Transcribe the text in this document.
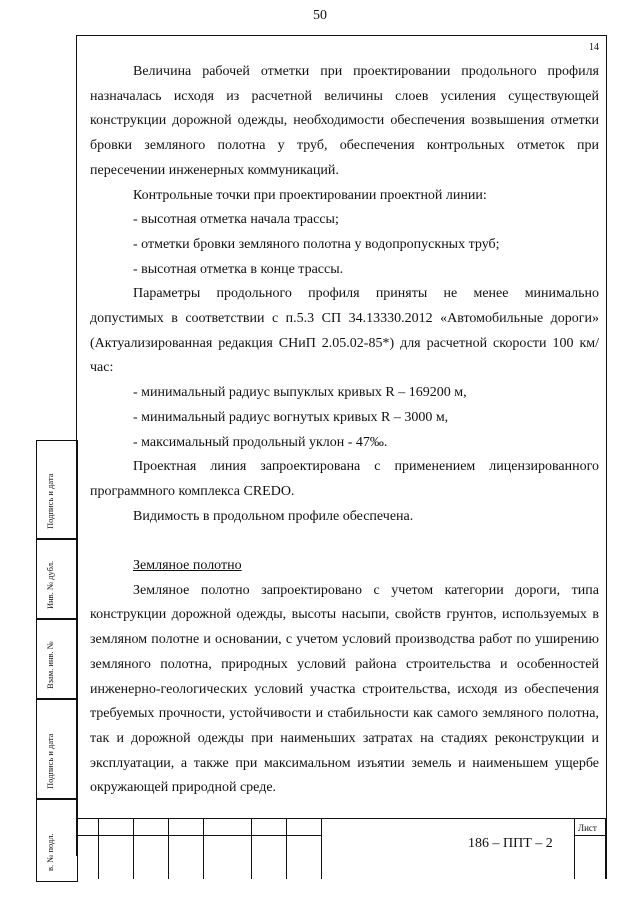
50
14

Величина рабочей отметки при проектировании продольного профиля назначалась исходя из расчетной величины слоев усиления существующей конструкции дорожной одежды, необходимости обеспечения возвышения отметки бровки земляного полотна у труб, обеспечения контрольных отметок при пересечении инженерных коммуникаций.

Контрольные точки при проектировании проектной линии:

- высотная отметка начала трассы;

- отметки бровки земляного полотна у водопропускных труб;

- высотная отметка в конце трассы.

Параметры продольного профиля приняты не менее минимально допустимых в соответствии с п.5.3 СП 34.13330.2012 «Автомобильные дороги» (Актуализированная редакция СНиП 2.05.02-85*) для расчетной скорости 100 км/час:

- минимальный радиус выпуклых кривых R – 169200 м,

- минимальный радиус вогнутых кривых R – 3000 м,

- максимальный продольный уклон - 47‰.

Проектная линия запроектирована с применением лицензированного программного комплекса CREDO.

Видимость в продольном профиле обеспечена.

Земляное полотно

Земляное полотно запроектировано с учетом категории дороги, типа конструкции дорожной одежды, высоты насыпи, свойств грунтов, используемых в земляном полотне и основании, с учетом условий производства работ по уширению земляного полотна, природных условий района строительства и особенностей инженерно-геологических условий участка строительства, исходя из обеспечения требуемых прочности, устойчивости и стабильности как самого земляного полотна, так и дорожной одежды при наименьших затратах на стадиях реконструкции и эксплуатации, а также при максимальном изъятии земель и наименьшем ущербе окружающей природной среде.

Подпись и дата
Инв. № дубл.
Взам. инв. №
Подпись и дата
в. № подл.
Лист
186 – ППТ – 2
